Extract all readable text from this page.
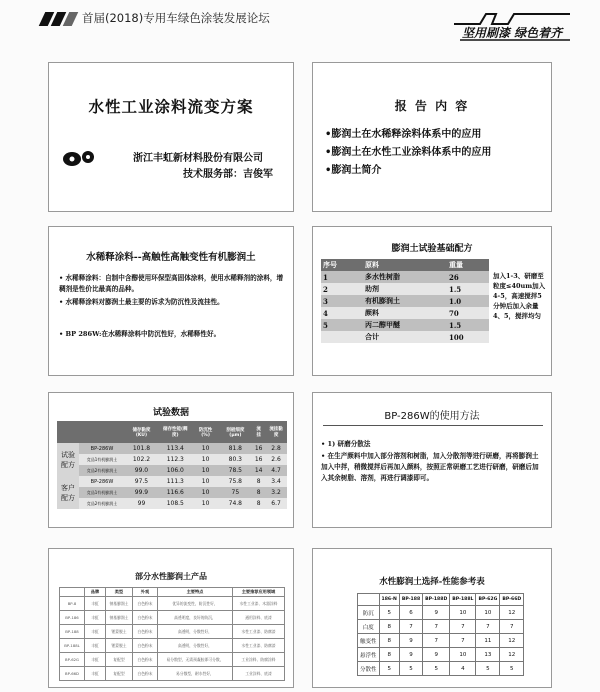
首届(2018)专用车绿色涂装发展论坛
坚用刷漆 绿色着齐
水性工业涂料流变方案
浙江丰虹新材料股份有限公司
技术服务部：吉俊军
报 告 内 容
•膨润土在水稀释涂料体系中的应用
•膨润土在水性工业涂料体系中的应用
•膨润土简介
水稀释涂料--高触性高触变性有机膨润土
• 水稀释涂料：自制中含醇使用环保型高固体涂料，使用水稀释剂的涂料，增稠剂是性价比最高的品种。
• 水稀释涂料对膨润土最主要的诉求为防沉性及流挂性。
• BP 286W:在水稀释涂料中防沉性好，水稀释性好。
膨润土试验基础配方
序号	原料	重量
1	多水性树脂	26
2	助剂	1.5
3	有机膨润土	1.0
4	颜料	70
5	丙二醇甲醚	1.5
	合计	100
加入1-3、研磨至粒度≤40um加入4-5，高速搅拌5分钟后加入余量4、5，搅拌均匀
试验数据
		储存黏度(KU)	储存性能(稠度)	防沉性(%)	刮板细度(µm)	流挂	流挂黏度
试验配方	BP-286W	101.8	113.4	10	81.8	16	2.8
	竞品1有机膨润土	102.2	112.3	10	80.3	16	2.6
	竞品2有机膨润土	99.0	106.0	10	78.5	14	4.7
客户配方	BP-286W	97.5	111.3	10	75.8	8	3.4
	竞品1有机膨润土	99.9	116.6	10	75	8	3.2
	竞品2有机膨润土	99	108.5	10	74.8	8	6.7
BP-286W的使用方法
• 1) 研磨分散法
• 在生产颜料中加入部分溶剂和树脂，加入分散剂等进行研磨，再将膨润土加入中拌，稍微搅拌后再加入颜料，按照正常研磨工艺进行研磨，研磨后加入其余树脂、溶剂，再进行调漆即可。
部分水性膨润土产品
	品牌	类型	外观	主要特点	主要推荐应用领域
BP-8	丰虹	钠基膨润土	白色粉末	优异的流变性，防沉性好，	水性工业漆、木器涂料
BP-186	丰虹	钠基膨润土	白色粉末	高透明度，良好的防沉，	通用涂料、底漆
BP-188	丰虹	锂蒙脱土	白色粉末	高透明，分散性好，	水性工业漆、防腐漆
BP-188L	丰虹	锂蒙脱土	白色粉末	高透明，分散性好，	水性工业漆、防腐漆
BP-62G	丰虹	复配型	白色粉末	易分散型，无需预凝胶即可分散，	工业涂料、防腐涂料
BP-66D	丰虹	复配型	白色粉末	易分散型，耐水性好，	工业涂料、底漆
水性膨润土选择-性能参考表
	186-N	BP-188	BP-188D	BP-188L	BP-62G	BP-66D
防沉	5	6	9	10	10	12
白度	8	7	7	7	7	7
触变性	8	9	7	7	11	12
悬浮性	8	9	9	10	13	12
分散性	5	5	5	4	5	5
